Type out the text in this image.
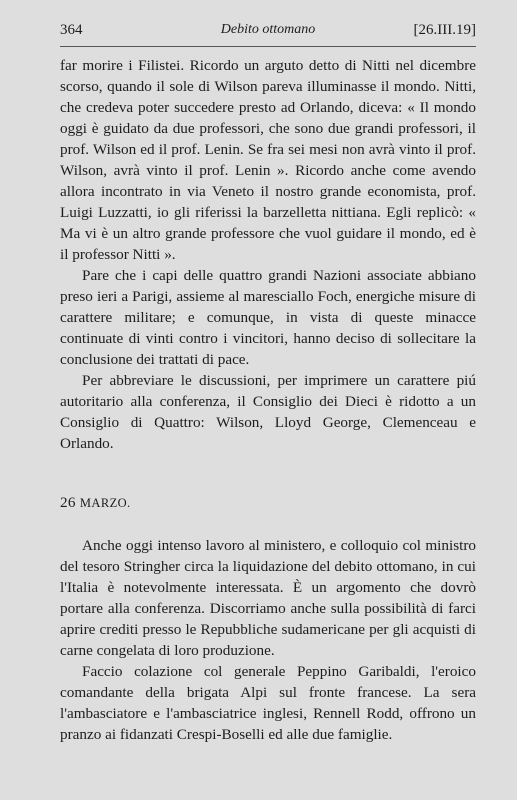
364	Debito ottomano	[26.III.19]

far morire i Filistei. Ricordo un arguto detto di Nitti nel dicembre scorso, quando il sole di Wilson pareva illuminasse il mondo. Nitti, che credeva poter succedere presto ad Orlando, diceva: « Il mondo oggi è guidato da due professori, che sono due grandi professori, il prof. Wilson ed il prof. Lenin. Se fra sei mesi non avrà vinto il prof. Wilson, avrà vinto il prof. Lenin ». Ricordo anche come avendo allora incontrato in via Veneto il nostro grande economista, prof. Luigi Luzzatti, io gli riferissi la barzelletta nittiana. Egli replicò: « Ma vi è un altro grande professore che vuol guidare il mondo, ed è il professor Nitti ».

Pare che i capi delle quattro grandi Nazioni associate abbiano preso ieri a Parigi, assieme al maresciallo Foch, energiche misure di carattere militare; e comunque, in vista di queste minacce continuate di vinti contro i vincitori, hanno deciso di sollecitare la conclusione dei trattati di pace.

Per abbreviare le discussioni, per imprimere un carattere piú autoritario alla conferenza, il Consiglio dei Dieci è ridotto a un Consiglio di Quattro: Wilson, Lloyd George, Clemenceau e Orlando.

26 MARZO.

Anche oggi intenso lavoro al ministero, e colloquio col ministro del tesoro Stringher circa la liquidazione del debito ottomano, in cui l'Italia è notevolmente interessata. È un argomento che dovrò portare alla conferenza. Discorriamo anche sulla possibilità di farci aprire crediti presso le Repubbliche sudamericane per gli acquisti di carne congelata di loro produzione.

Faccio colazione col generale Peppino Garibaldi, l'eroico comandante della brigata Alpi sul fronte francese. La sera l'ambasciatore e l'ambasciatrice inglesi, Rennell Rodd, offrono un pranzo ai fidanzati Crespi-Boselli ed alle due famiglie.
